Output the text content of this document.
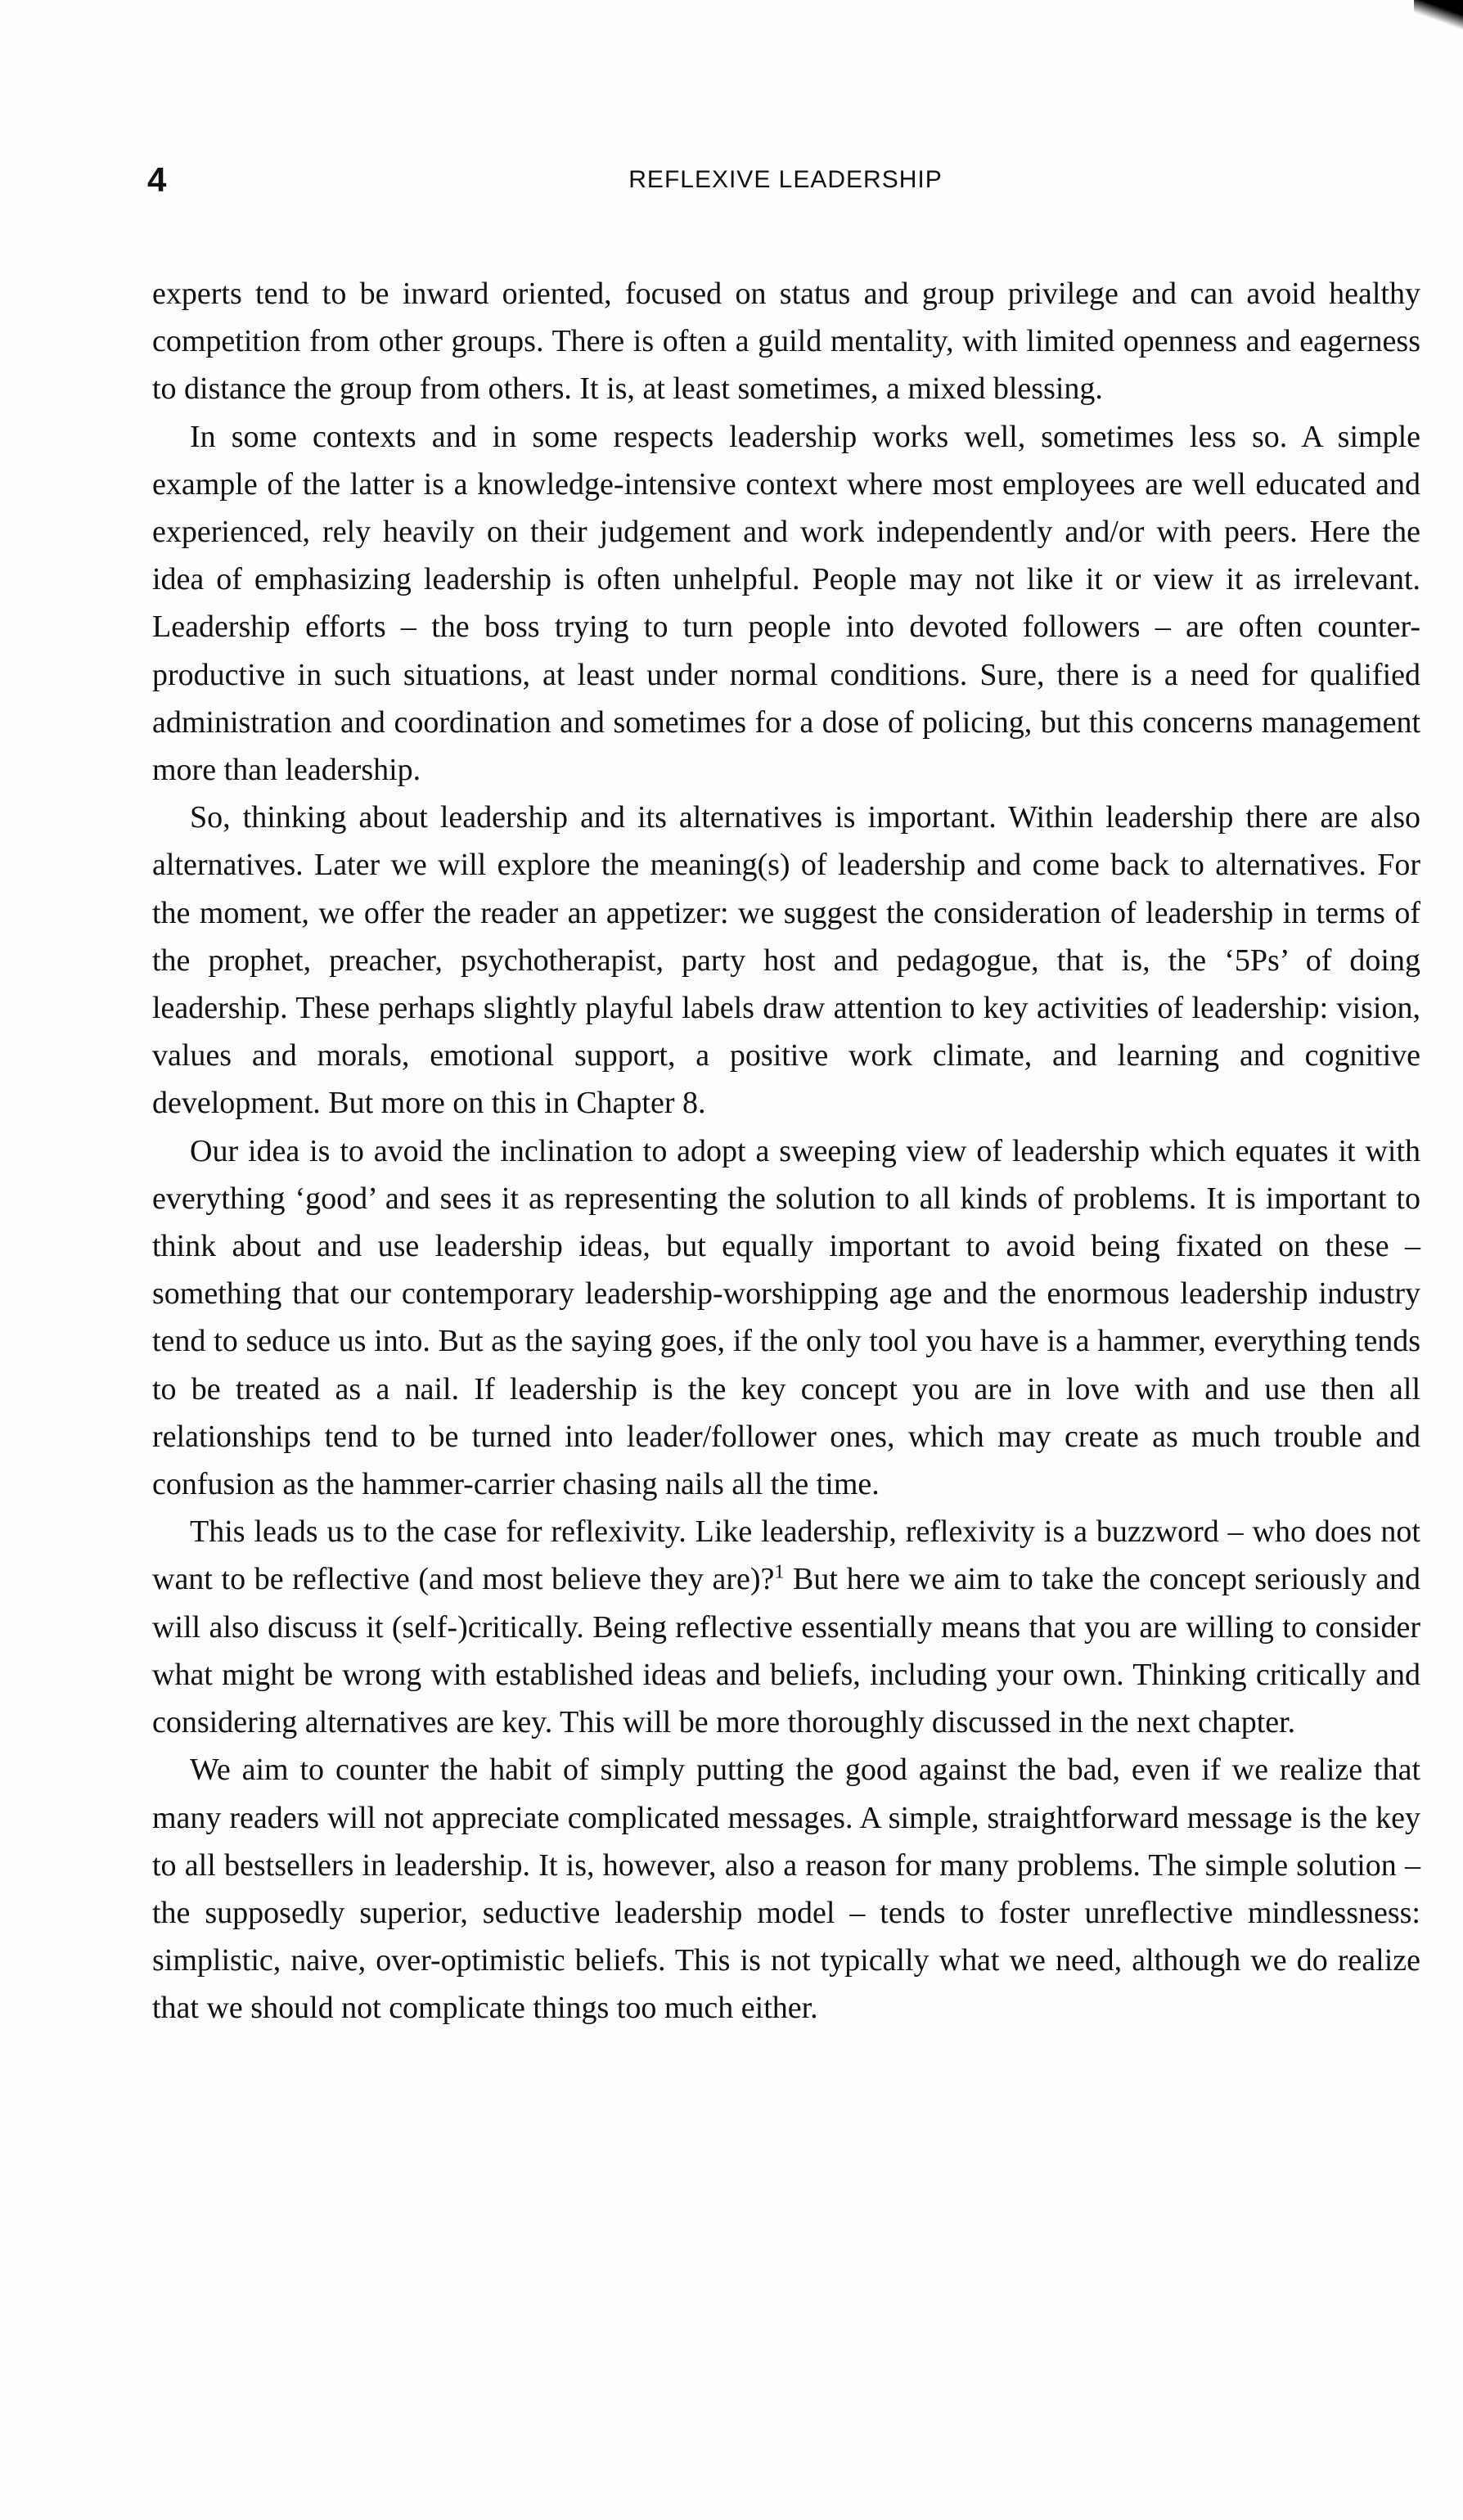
4	REFLEXIVE LEADERSHIP

experts tend to be inward oriented, focused on status and group privilege and can avoid healthy competition from other groups. There is often a guild mentality, with limited openness and eagerness to distance the group from others. It is, at least sometimes, a mixed blessing.

In some contexts and in some respects leadership works well, sometimes less so. A simple example of the latter is a knowledge-intensive context where most employees are well educated and experienced, rely heavily on their judgement and work independently and/or with peers. Here the idea of emphasizing leadership is often unhelpful. People may not like it or view it as irrelevant. Leadership efforts – the boss trying to turn people into devoted followers – are often counter-productive in such situations, at least under normal conditions. Sure, there is a need for qualified administration and coordination and sometimes for a dose of policing, but this concerns management more than leadership.

So, thinking about leadership and its alternatives is important. Within leadership there are also alternatives. Later we will explore the meaning(s) of leadership and come back to alternatives. For the moment, we offer the reader an appetizer: we suggest the consideration of leadership in terms of the prophet, preacher, psychotherapist, party host and pedagogue, that is, the ‘5Ps’ of doing leadership. These perhaps slightly playful labels draw attention to key activities of leadership: vision, values and morals, emotional support, a positive work climate, and learning and cognitive development. But more on this in Chapter 8.

Our idea is to avoid the inclination to adopt a sweeping view of leadership which equates it with everything ‘good’ and sees it as representing the solution to all kinds of problems. It is important to think about and use leadership ideas, but equally important to avoid being fixated on these – something that our contemporary leadership-worshipping age and the enormous leadership industry tend to seduce us into. But as the saying goes, if the only tool you have is a hammer, everything tends to be treated as a nail. If leadership is the key concept you are in love with and use then all relationships tend to be turned into leader/follower ones, which may create as much trouble and confusion as the hammer-carrier chasing nails all the time.

This leads us to the case for reflexivity. Like leadership, reflexivity is a buzzword – who does not want to be reflective (and most believe they are)?$^1$ But here we aim to take the concept seriously and will also discuss it (self-)critically. Being reflective essentially means that you are willing to consider what might be wrong with established ideas and beliefs, including your own. Thinking critically and considering alternatives are key. This will be more thoroughly discussed in the next chapter.

We aim to counter the habit of simply putting the good against the bad, even if we realize that many readers will not appreciate complicated messages. A simple, straightforward message is the key to all bestsellers in leadership. It is, however, also a reason for many problems. The simple solution – the supposedly superior, seductive leadership model – tends to foster unreflective mindlessness: simplistic, naive, over-optimistic beliefs. This is not typically what we need, although we do realize that we should not complicate things too much either.
